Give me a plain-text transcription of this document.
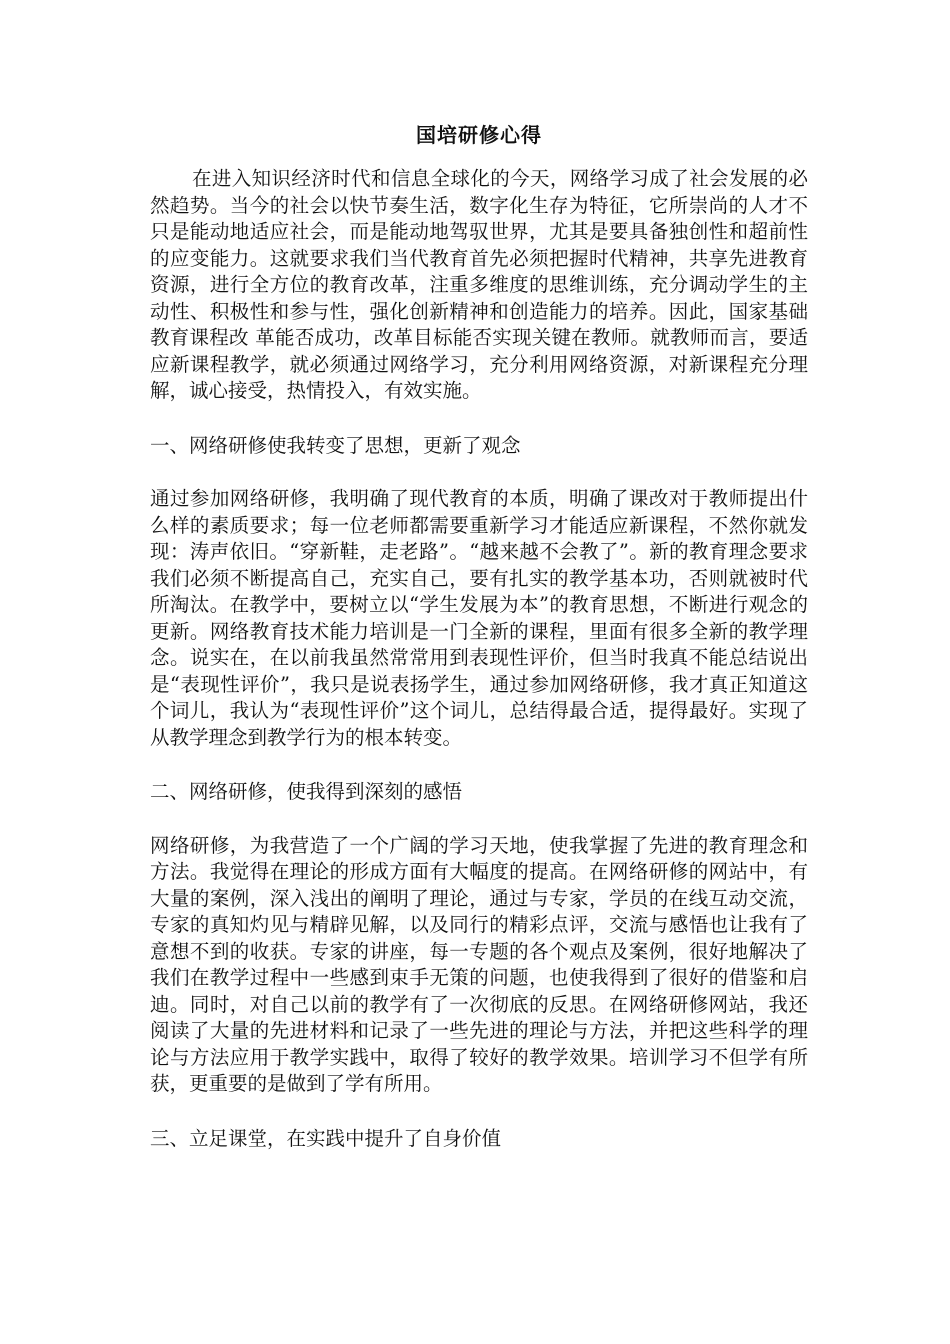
国培研修心得

在进入知识经济时代和信息全球化的今天，网络学习成了社会发展的必然趋势。当今的社会以快节奏生活，数字化生存为特征，它所崇尚的人才不只是能动地适应社会，而是能动地驾驭世界，尤其是要具备独创性和超前性的应变能力。这就要求我们当代教育首先必须把握时代精神，共享先进教育资源，进行全方位的教育改革，注重多维度的思维训练，充分调动学生的主动性、积极性和参与性，强化创新精神和创造能力的培养。因此，国家基础教育课程改 革能否成功，改革目标能否实现关键在教师。就教师而言，要适应新课程教学，就必须通过网络学习，充分利用网络资源，对新课程充分理解，诚心接受，热情投入，有效实施。

一、网络研修使我转变了思想，更新了观念

通过参加网络研修，我明确了现代教育的本质，明确了课改对于教师提出什么样的素质要求；每一位老师都需要重新学习才能适应新课程，不然你就发现：涛声依旧。“穿新鞋，走老路”。“越来越不会教了”。新的教育理念要求我们必须不断提高自己，充实自己，要有扎实的教学基本功，否则就被时代所淘汰。在教学中，要树立以“学生发展为本”的教育思想，不断进行观念的更新。网络教育技术能力培训是一门全新的课程，里面有很多全新的教学理念。说实在，在以前我虽然常常用到表现性评价，但当时我真不能总结说出是“表现性评价”，我只是说表扬学生，通过参加网络研修，我才真正知道这个词儿，我认为“表现性评价”这个词儿，总结得最合适，提得最好。实现了从教学理念到教学行为的根本转变。

二、网络研修，使我得到深刻的感悟

网络研修，为我营造了一个广阔的学习天地，使我掌握了先进的教育理念和方法。我觉得在理论的形成方面有大幅度的提高。在网络研修的网站中，有大量的案例，深入浅出的阐明了理论，通过与专家，学员的在线互动交流，专家的真知灼见与精辟见解，以及同行的精彩点评，交流与感悟也让我有了意想不到的收获。专家的讲座，每一专题的各个观点及案例，很好地解决了我们在教学过程中一些感到束手无策的问题，也使我得到了很好的借鉴和启迪。同时，对自己以前的教学有了一次彻底的反思。在网络研修网站，我还阅读了大量的先进材料和记录了一些先进的理论与方法，并把这些科学的理论与方法应用于教学实践中，取得了较好的教学效果。培训学习不但学有所获，更重要的是做到了学有所用。

三、立足课堂，在实践中提升了自身价值
